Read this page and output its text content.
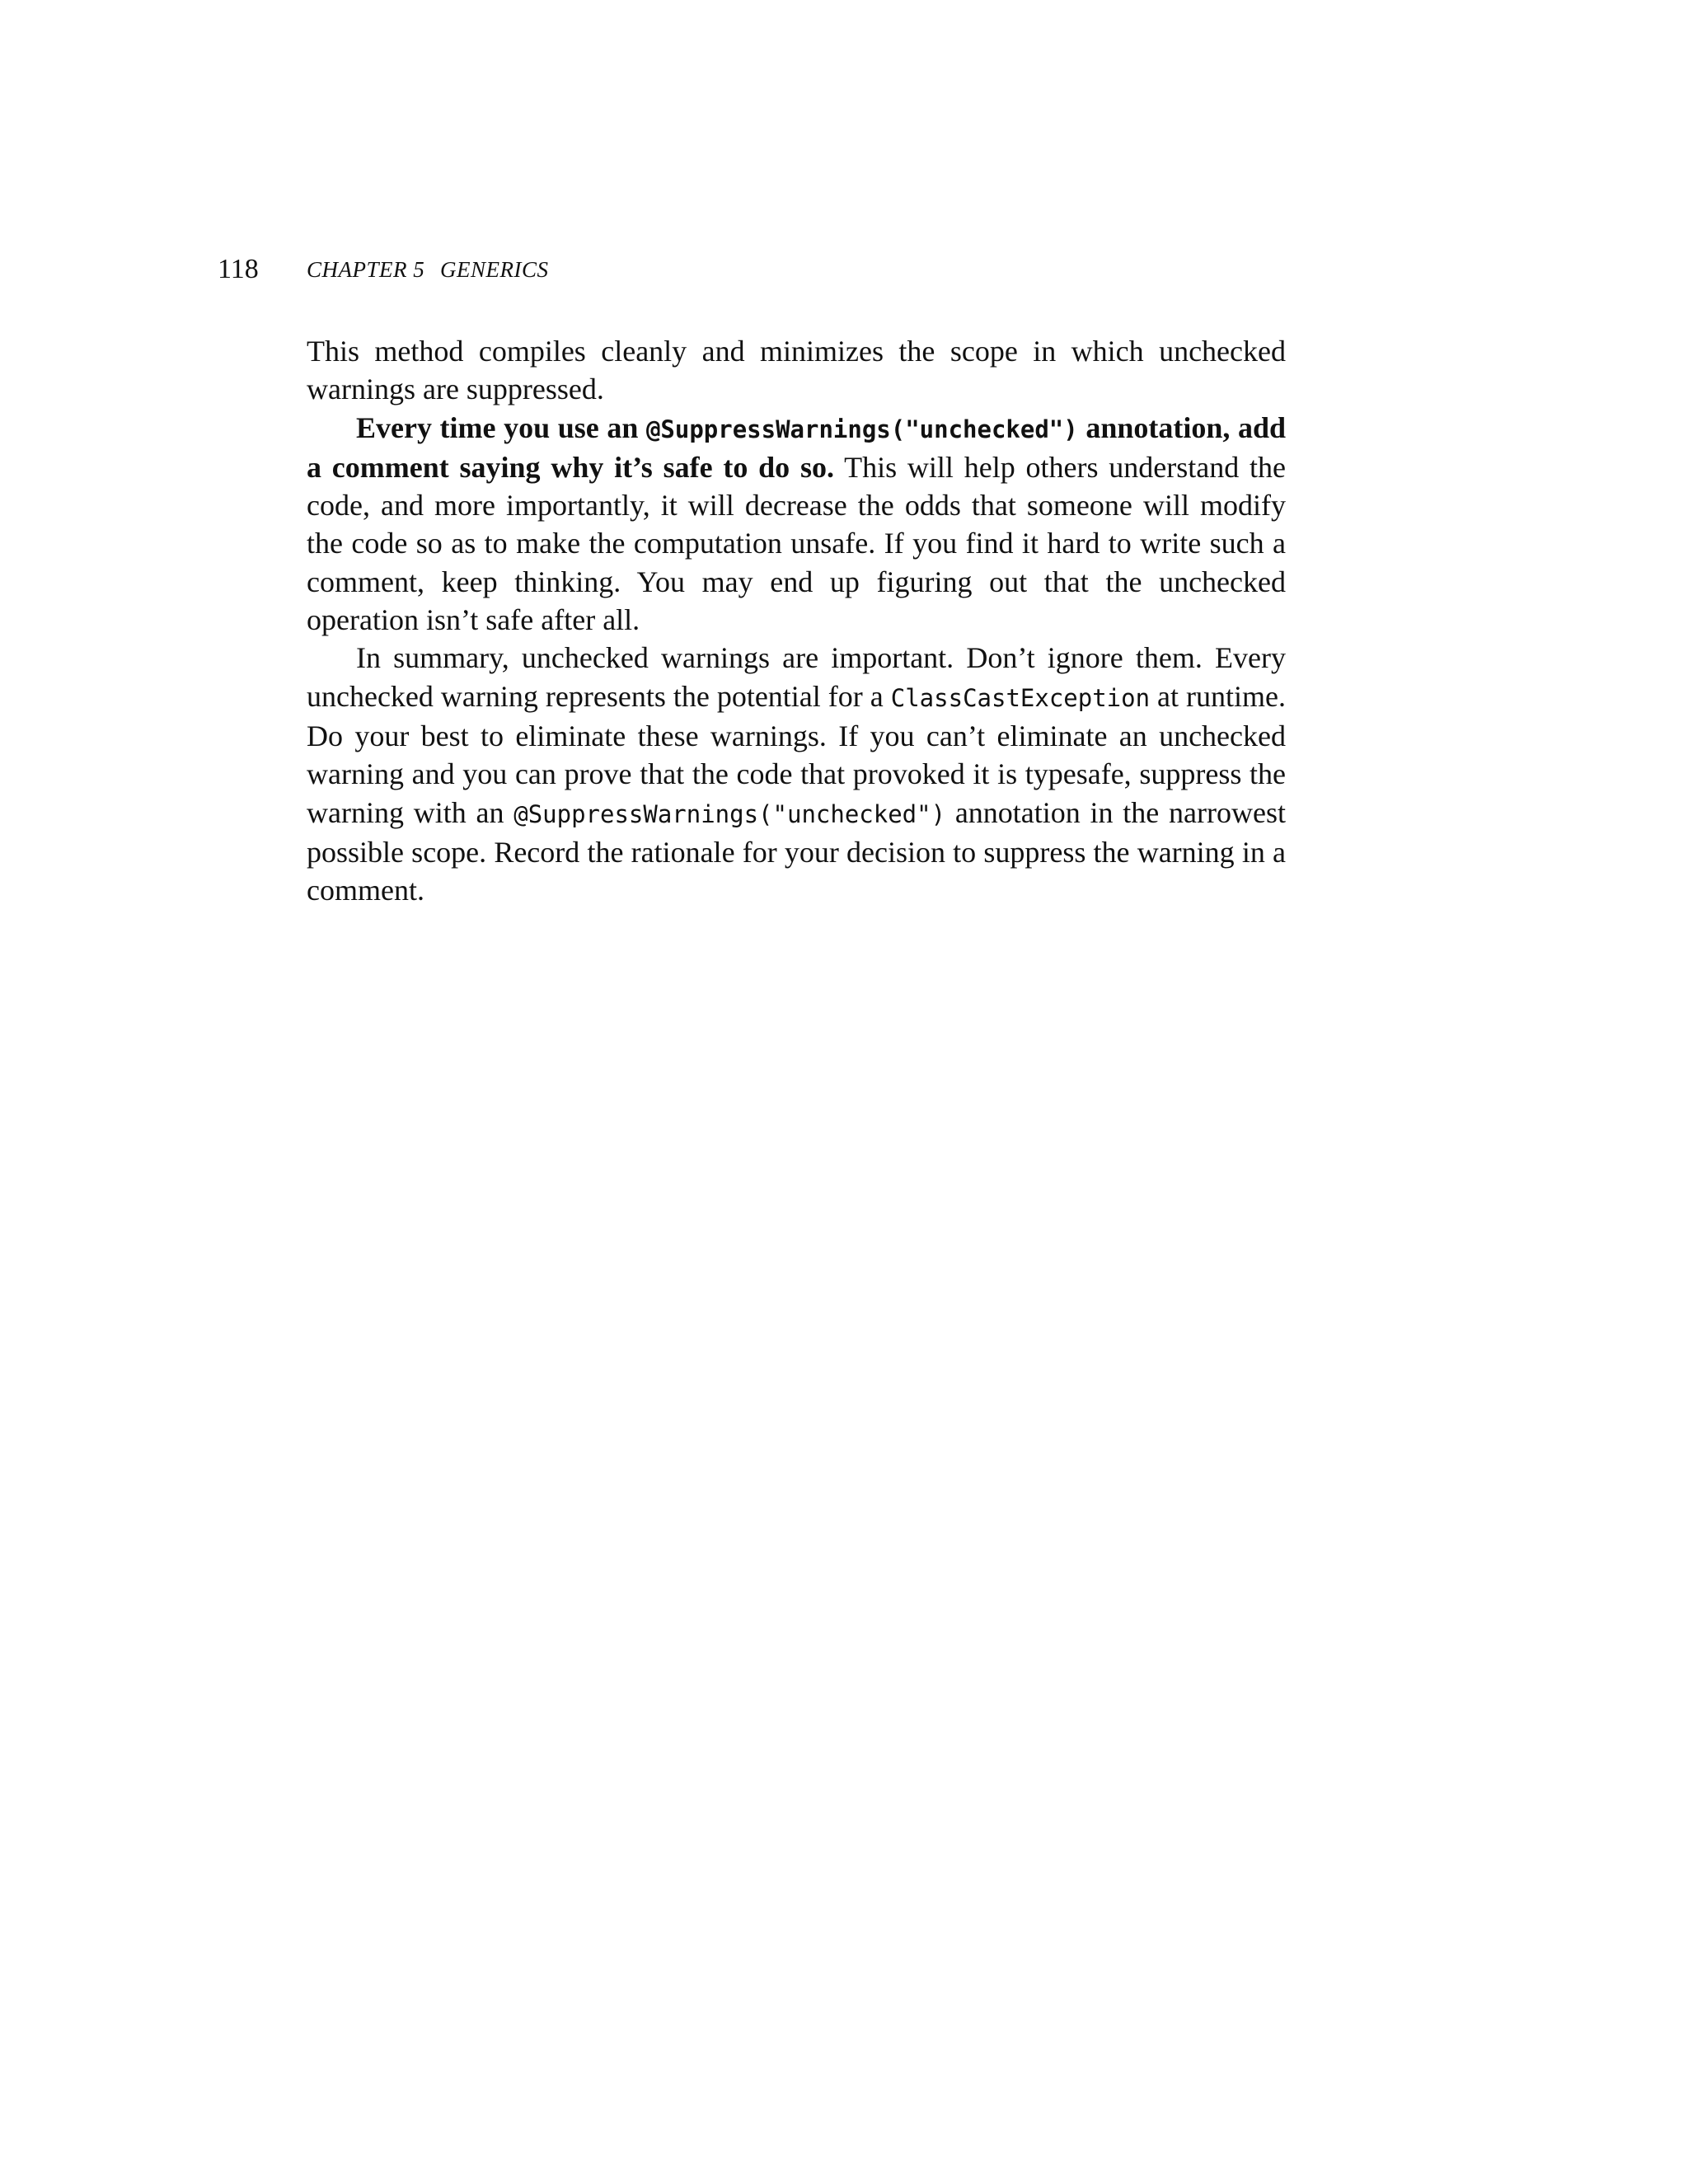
118 CHAPTER 5 GENERICS

This method compiles cleanly and minimizes the scope in which unchecked warnings are suppressed.

Every time you use an @SuppressWarnings("unchecked") annotation, add a comment saying why it’s safe to do so. This will help others understand the code, and more importantly, it will decrease the odds that someone will modify the code so as to make the computation unsafe. If you find it hard to write such a comment, keep thinking. You may end up figuring out that the unchecked operation isn’t safe after all.

In summary, unchecked warnings are important. Don’t ignore them. Every unchecked warning represents the potential for a ClassCastException at runtime. Do your best to eliminate these warnings. If you can’t eliminate an unchecked warning and you can prove that the code that provoked it is typesafe, suppress the warning with an @SuppressWarnings("unchecked") annotation in the narrowest possible scope. Record the rationale for your decision to suppress the warning in a comment.
